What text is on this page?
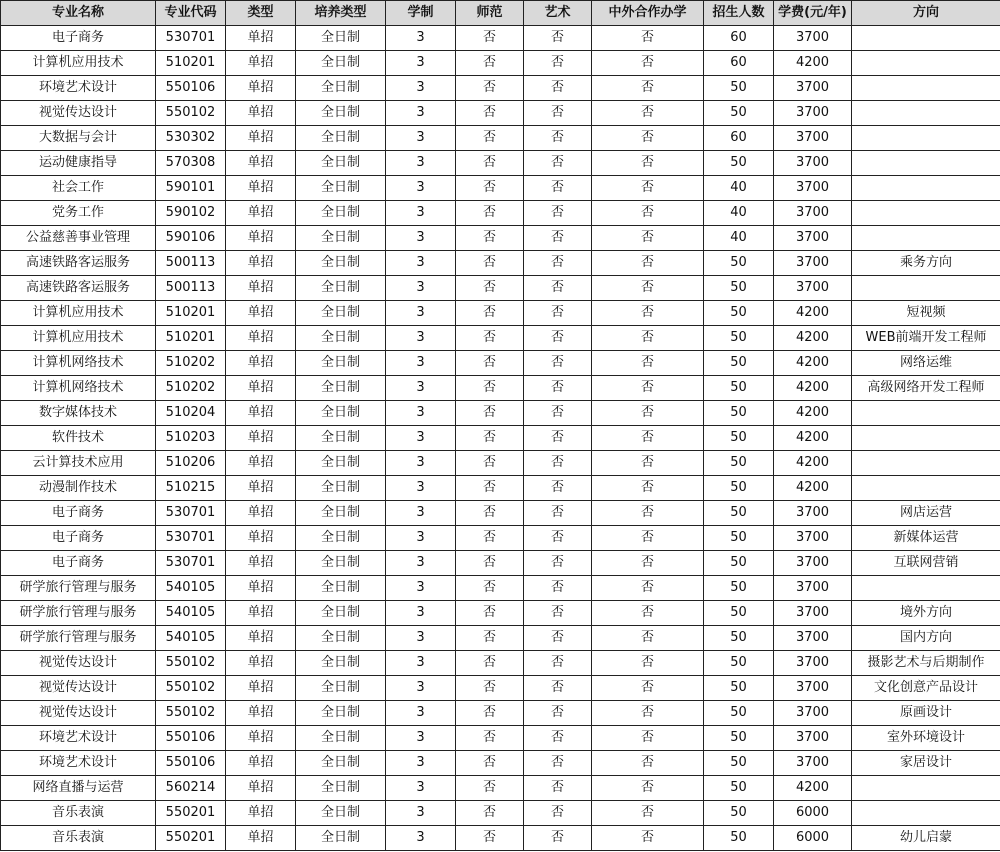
专业名称	专业代码	类型	培养类型	学制	师范	艺术	中外合作办学	招生人数	学费(元/年)	方向
电子商务	530701	单招	全日制	3	否	否	否	60	3700	
计算机应用技术	510201	单招	全日制	3	否	否	否	60	4200	
环境艺术设计	550106	单招	全日制	3	否	否	否	50	3700	
视觉传达设计	550102	单招	全日制	3	否	否	否	50	3700	
大数据与会计	530302	单招	全日制	3	否	否	否	60	3700	
运动健康指导	570308	单招	全日制	3	否	否	否	50	3700	
社会工作	590101	单招	全日制	3	否	否	否	40	3700	
党务工作	590102	单招	全日制	3	否	否	否	40	3700	
公益慈善事业管理	590106	单招	全日制	3	否	否	否	40	3700	
高速铁路客运服务	500113	单招	全日制	3	否	否	否	50	3700	乘务方向
高速铁路客运服务	500113	单招	全日制	3	否	否	否	50	3700	
计算机应用技术	510201	单招	全日制	3	否	否	否	50	4200	短视频
计算机应用技术	510201	单招	全日制	3	否	否	否	50	4200	WEB前端开发工程师
计算机网络技术	510202	单招	全日制	3	否	否	否	50	4200	网络运维
计算机网络技术	510202	单招	全日制	3	否	否	否	50	4200	高级网络开发工程师
数字媒体技术	510204	单招	全日制	3	否	否	否	50	4200	
软件技术	510203	单招	全日制	3	否	否	否	50	4200	
云计算技术应用	510206	单招	全日制	3	否	否	否	50	4200	
动漫制作技术	510215	单招	全日制	3	否	否	否	50	4200	
电子商务	530701	单招	全日制	3	否	否	否	50	3700	网店运营
电子商务	530701	单招	全日制	3	否	否	否	50	3700	新媒体运营
电子商务	530701	单招	全日制	3	否	否	否	50	3700	互联网营销
研学旅行管理与服务	540105	单招	全日制	3	否	否	否	50	3700	
研学旅行管理与服务	540105	单招	全日制	3	否	否	否	50	3700	境外方向
研学旅行管理与服务	540105	单招	全日制	3	否	否	否	50	3700	国内方向
视觉传达设计	550102	单招	全日制	3	否	否	否	50	3700	摄影艺术与后期制作
视觉传达设计	550102	单招	全日制	3	否	否	否	50	3700	文化创意产品设计
视觉传达设计	550102	单招	全日制	3	否	否	否	50	3700	原画设计
环境艺术设计	550106	单招	全日制	3	否	否	否	50	3700	室外环境设计
环境艺术设计	550106	单招	全日制	3	否	否	否	50	3700	家居设计
网络直播与运营	560214	单招	全日制	3	否	否	否	50	4200	
音乐表演	550201	单招	全日制	3	否	否	否	50	6000	
音乐表演	550201	单招	全日制	3	否	否	否	50	6000	幼儿启蒙
